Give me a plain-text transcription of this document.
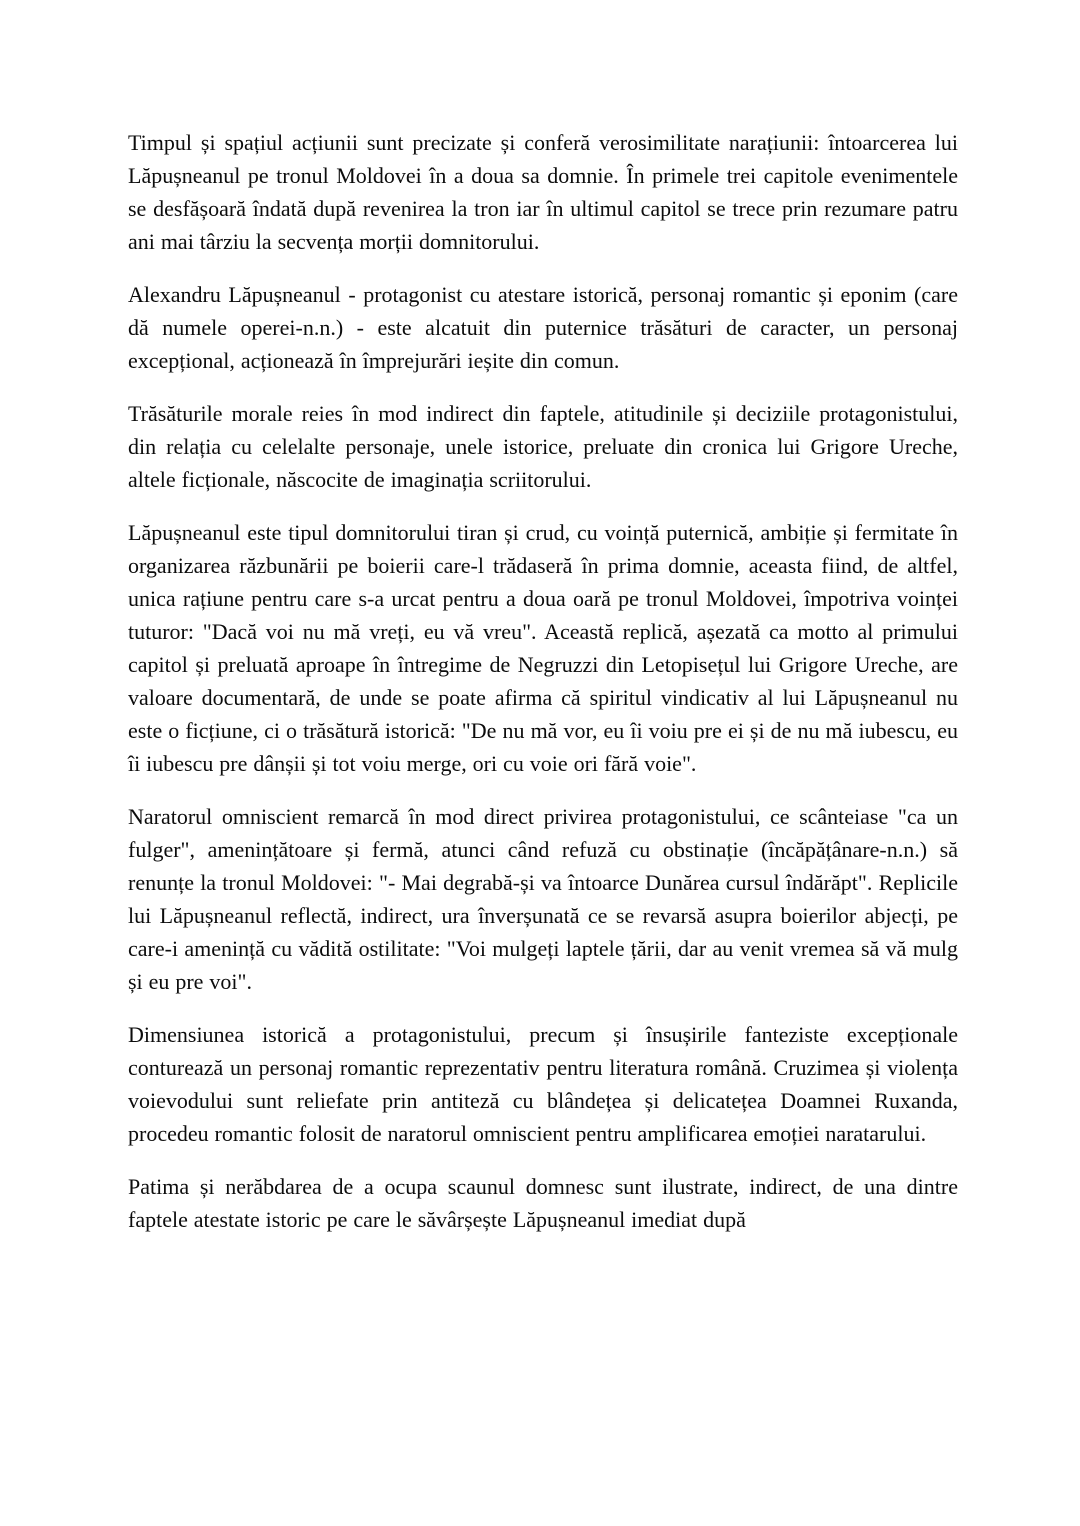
Timpul și spațiul acțiunii sunt precizate și conferă verosimilitate narațiunii: întoarcerea lui Lăpușneanul pe tronul Moldovei în a doua sa domnie. În primele trei capitole evenimentele se desfășoară îndată după revenirea la tron iar în ultimul capitol se trece prin rezumare patru ani mai târziu la secvența morții domnitorului.

Alexandru Lăpușneanul - protagonist cu atestare istorică, personaj romantic și eponim (care dă numele operei-n.n.) - este alcatuit din puternice trăsături de caracter, un personaj excepțional, acționează în împrejurări ieșite din comun.

Trăsăturile morale reies în mod indirect din faptele, atitudinile și deciziile protagonistului, din relația cu celelalte personaje, unele istorice, preluate din cronica lui Grigore Ureche, altele ficționale, născocite de imaginația scriitorului.

Lăpușneanul este tipul domnitorului tiran și crud, cu voință puternică, ambiție și fermitate în organizarea răzbunării pe boierii care-l trădaseră în prima domnie, aceasta fiind, de altfel, unica rațiune pentru care s-a urcat pentru a doua oară pe tronul Moldovei, împotriva voinței tuturor: "Dacă voi nu mă vreți, eu vă vreu". Această replică, așezată ca motto al primului capitol și preluată aproape în întregime de Negruzzi din Letopisețul lui Grigore Ureche, are valoare documentară, de unde se poate afirma că spiritul vindicativ al lui Lăpușneanul nu este o ficțiune, ci o trăsătură istorică: "De nu mă vor, eu îi voiu pre ei și de nu mă iubescu, eu îi iubescu pre dânșii și tot voiu merge, ori cu voie ori fără voie".

Naratorul omniscient remarcă în mod direct privirea protagonistului, ce scânteiase "ca un fulger", amenințătoare și fermă, atunci când refuză cu obstinație (încăpățânare-n.n.) să renunțe la tronul Moldovei: "- Mai degrabă-și va întoarce Dunărea cursul îndărăpt". Replicile lui Lăpușneanul reflectă, indirect, ura înverșunată ce se revarsă asupra boierilor abjecți, pe care-i amenință cu vădită ostilitate: "Voi mulgeți laptele țării, dar au venit vremea să vă mulg și eu pre voi".

Dimensiunea istorică a protagonistului, precum și însușirile fanteziste excepționale conturează un personaj romantic reprezentativ pentru literatura română. Cruzimea și violența voievodului sunt reliefate prin antiteză cu blândețea și delicatețea Doamnei Ruxanda, procedeu romantic folosit de naratorul omniscient pentru amplificarea emoției naratarului.

Patima și nerăbdarea de a ocupa scaunul domnesc sunt ilustrate, indirect, de una dintre faptele atestate istoric pe care le săvârșește Lăpușneanul imediat după
